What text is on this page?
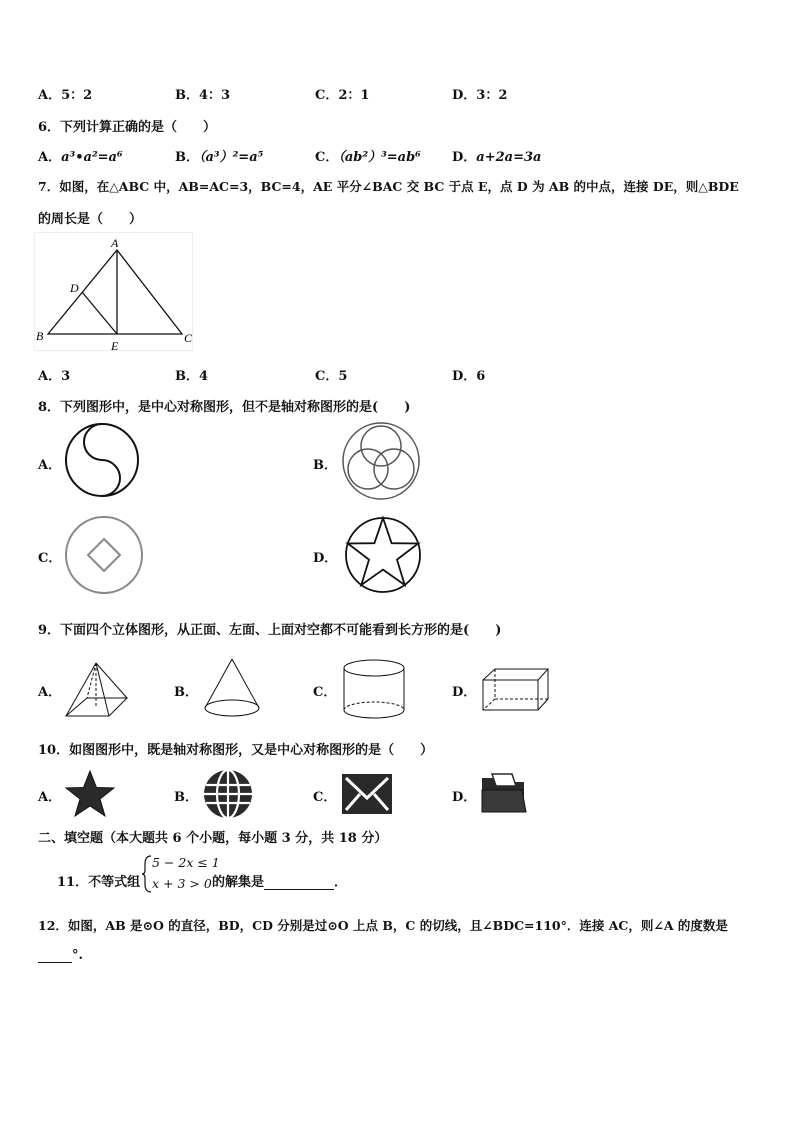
A．5：2	B．4：3	C．2：1	D．3：2
6．下列计算正确的是（　　）
A．a³•a²=a⁶	B．（a³）²=a⁵	C．（ab²）³=ab⁶ D．a+2a=3a
7．如图，在△ABC 中，AB=AC=3，BC=4，AE 平分∠BAC 交 BC 于点 E，点 D 为 AB 的中点，连接 DE，则△BDE
的周长是（　　）
A
B	C
D
E
A．3	B．4	C．5	D．6
8．下列图形中，是中心对称图形，但不是轴对称图形的是(　　)
A．	B．
C．	D．
9．下面四个立体图形，从正面、左面、上面对空都不可能看到长方形的是(　　)
A．	B．	C．	D．
10．如图图形中，既是轴对称图形，又是中心对称图形的是（　　）
A．	B．	C．	D．
二、填空题（本大题共 6 个小题，每小题 3 分，共 18 分）
11．不等式组
5 − 2x ≤ 1
x + 3 > 0 的解集是	．
12．如图，AB 是⊙O 的直径，BD，CD 分别是过⊙O 上点 B，C 的切线，且∠BDC=110°．连接 AC，则∠A 的度数是
°.
